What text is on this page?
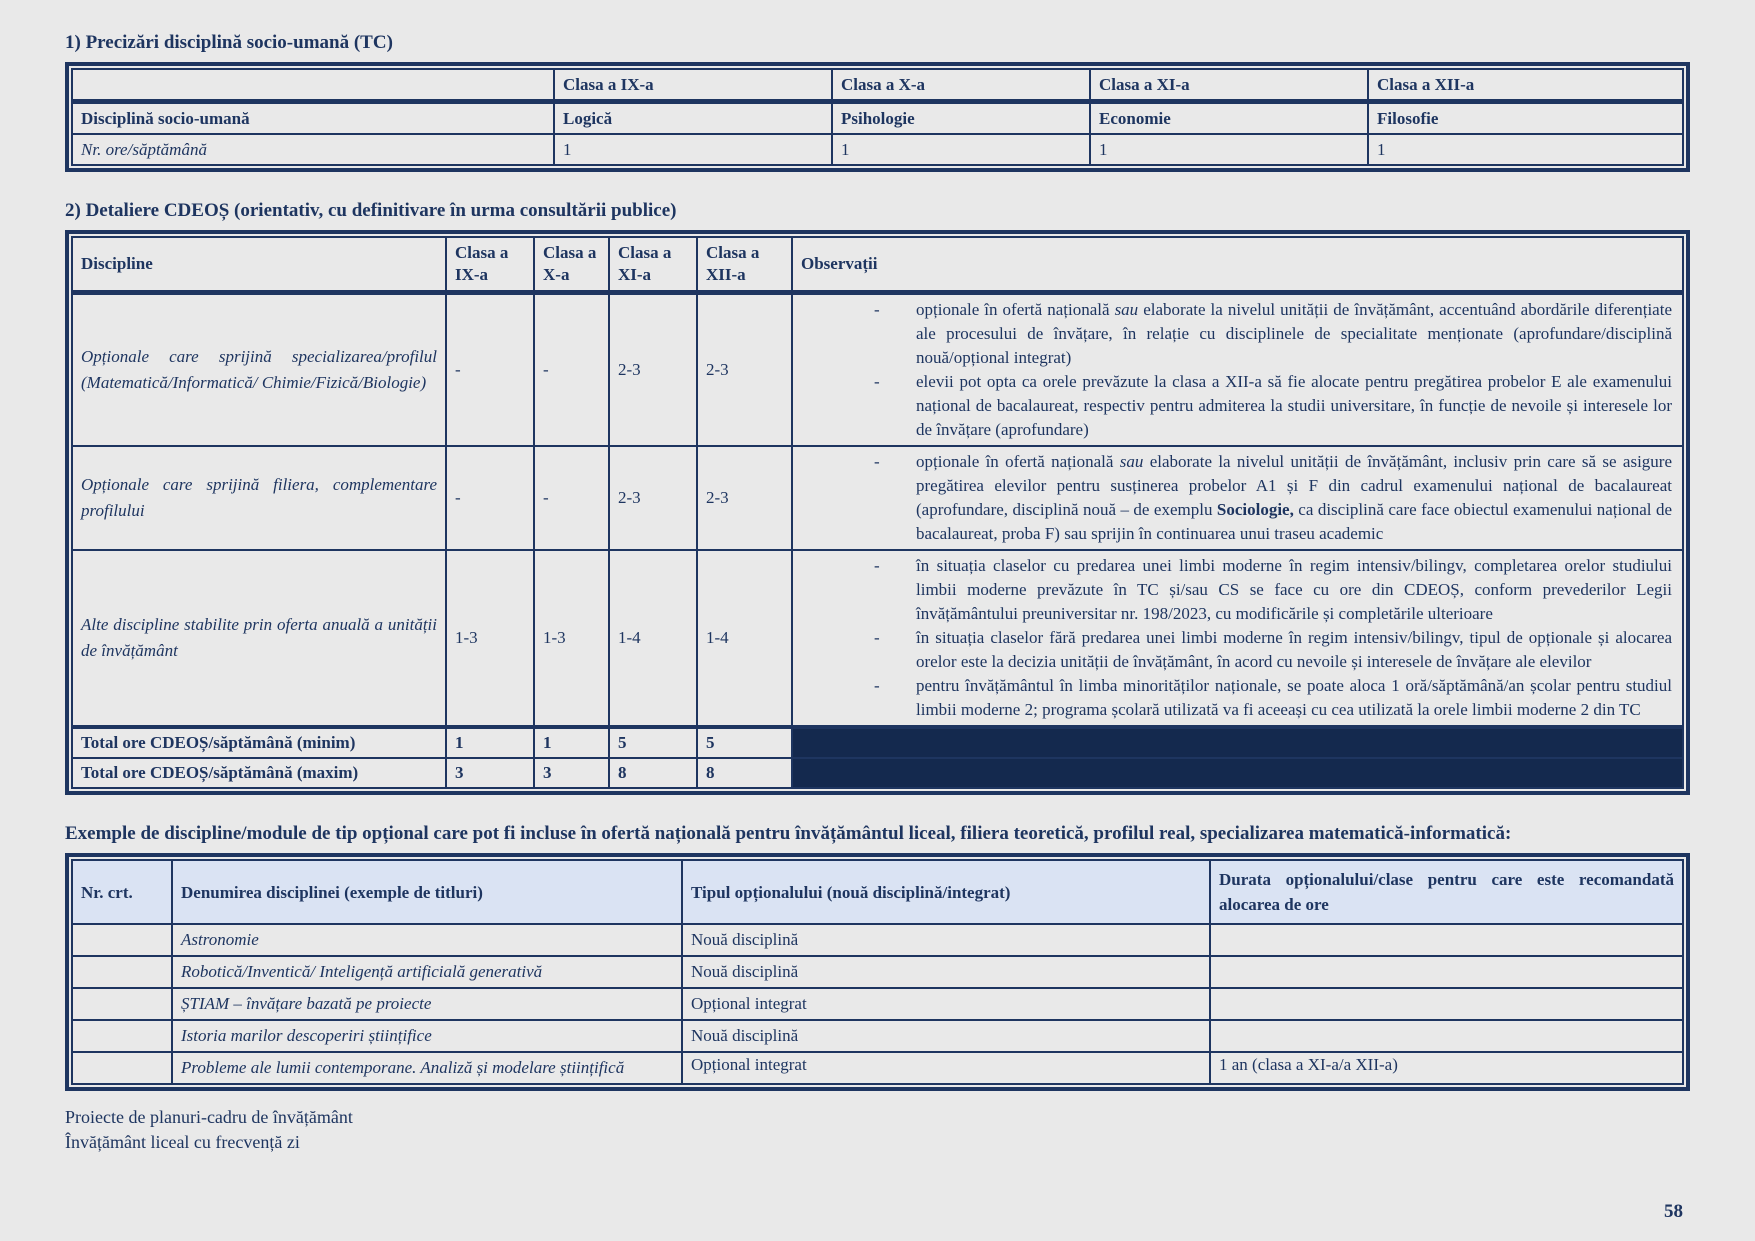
1) Precizări disciplină socio-umană (TC)
	Clasa a IX-a	Clasa a X-a	Clasa a XI-a	Clasa a XII-a
Disciplină socio-umană	Logică	Psihologie	Economie	Filosofie
Nr. ore/săptămână	1	1	1	1
2) Detaliere CDEOȘ (orientativ, cu definitivare în urma consultării publice)
Discipline	Clasa a IX-a	Clasa a X-a	Clasa a XI-a	Clasa a XII-a	Observații
Opționale care sprijină specializarea/profilul (Matematică/Informatică/ Chimie/Fizică/Biologie)	-	-	2-3	2-3	- opționale în ofertă națională sau elaborate la nivelul unității de învățământ, accentuând abordările diferențiate ale procesului de învățare, în relație cu disciplinele de specialitate menționate (aprofundare/disciplină nouă/opțional integrat)
- elevii pot opta ca orele prevăzute la clasa a XII-a să fie alocate pentru pregătirea probelor E ale examenului național de bacalaureat, respectiv pentru admiterea la studii universitare, în funcție de nevoile și interesele lor de învățare (aprofundare)

Opționale care sprijină filiera, complementare profilului	-	-	2-3	2-3	- opționale în ofertă națională sau elaborate la nivelul unității de învățământ, inclusiv prin care să se asigure pregătirea elevilor pentru susținerea probelor A1 și F din cadrul examenului național de bacalaureat (aprofundare, disciplină nouă – de exemplu Sociologie, ca disciplină care face obiectul examenului național de bacalaureat, proba F) sau sprijin în continuarea unui traseu academic

Alte discipline stabilite prin oferta anuală a unității de învățământ	1-3	1-3	1-4	1-4	
-	în situația claselor cu predarea unei limbi moderne în regim intensiv/bilingv, completarea orelor studiului limbii moderne prevăzute în TC și/sau CS se face cu ore din CDEOȘ, conform prevederilor Legii învățământului preuniversitar nr. 198/2023, cu modificările și completările ulterioare
-	în situația claselor fără predarea unei limbi moderne în regim intensiv/bilingv, tipul de opționale și alocarea orelor este la decizia unității de învățământ, în acord cu nevoile și interesele de învățare ale elevilor
-	pentru învățământul în limba minorităților naționale, se poate aloca 1 oră/săptămână/an școlar pentru studiul limbii moderne 2; programa școlară utilizată va fi aceeași cu cea utilizată la orele limbii moderne 2 din TC

Total ore CDEOȘ/săptămână (minim)	1	1	5	5	
Total ore CDEOȘ/săptămână (maxim)	3	3	8	8	
Exemple de discipline/module de tip opțional care pot fi incluse în ofertă națională pentru învățământul liceal, filiera teoretică, profilul real, specializarea matematică-informatică:
Nr. crt.	Denumirea disciplinei (exemple de titluri)	Tipul opționalului (nouă disciplină/integrat)	Durata opționalului/clase pentru care este recomandată alocarea de ore
	Astronomie	Nouă disciplină	
	Robotică/Inventică/ Inteligență artificială generativă	Nouă disciplină	
	ȘTIAM – învățare bazată pe proiecte	Opțional integrat	
	Istoria marilor descoperiri științifice	Nouă disciplină	
	Probleme ale lumii contemporane. Analiză și modelare științifică	Opțional integrat	1 an (clasa a XI-a/a XII-a)
Proiecte de planuri-cadru de învățământ
Învățământ liceal cu frecvență zi
58
